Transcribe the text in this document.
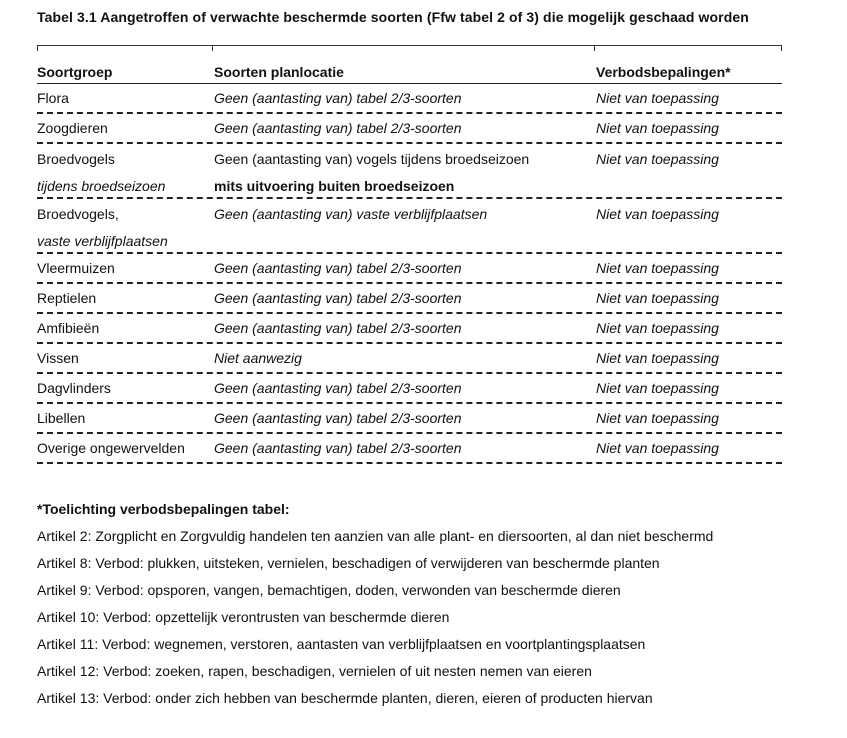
Tabel 3.1 Aangetroffen of verwachte beschermde soorten (Ffw tabel 2 of 3) die mogelijk geschaad worden
Soortgroep	Soorten planlocatie	Verbodsbepalingen*
Flora	Geen (aantasting van) tabel 2/3-soorten	Niet van toepassing
Zoogdieren	Geen (aantasting van) tabel 2/3-soorten	Niet van toepassing
Broedvogels	Geen (aantasting van) vogels tijdens broedseizoen	Niet van toepassing
tijdens broedseizoen	mits uitvoering buiten broedseizoen
Broedvogels,	Geen (aantasting van) vaste verblijfplaatsen	Niet van toepassing
vaste verblijfplaatsen
Vleermuizen	Geen (aantasting van) tabel 2/3-soorten	Niet van toepassing
Reptielen	Geen (aantasting van) tabel 2/3-soorten	Niet van toepassing
Amfibieën	Geen (aantasting van) tabel 2/3-soorten	Niet van toepassing
Vissen	Niet aanwezig	Niet van toepassing
Dagvlinders	Geen (aantasting van) tabel 2/3-soorten	Niet van toepassing
Libellen	Geen (aantasting van) tabel 2/3-soorten	Niet van toepassing
Overige ongewervelden	Geen (aantasting van) tabel 2/3-soorten	Niet van toepassing
*Toelichting verbodsbepalingen tabel:
Artikel 2: Zorgplicht en Zorgvuldig handelen ten aanzien van alle plant- en diersoorten, al dan niet beschermd
Artikel 8: Verbod: plukken, uitsteken, vernielen, beschadigen of verwijderen van beschermde planten
Artikel 9: Verbod: opsporen, vangen, bemachtigen, doden, verwonden van beschermde dieren
Artikel 10: Verbod: opzettelijk verontrusten van beschermde dieren
Artikel 11: Verbod: wegnemen, verstoren, aantasten van verblijfplaatsen en voortplantingsplaatsen
Artikel 12: Verbod: zoeken, rapen, beschadigen, vernielen of uit nesten nemen van eieren
Artikel 13: Verbod: onder zich hebben van beschermde planten, dieren, eieren of producten hiervan
